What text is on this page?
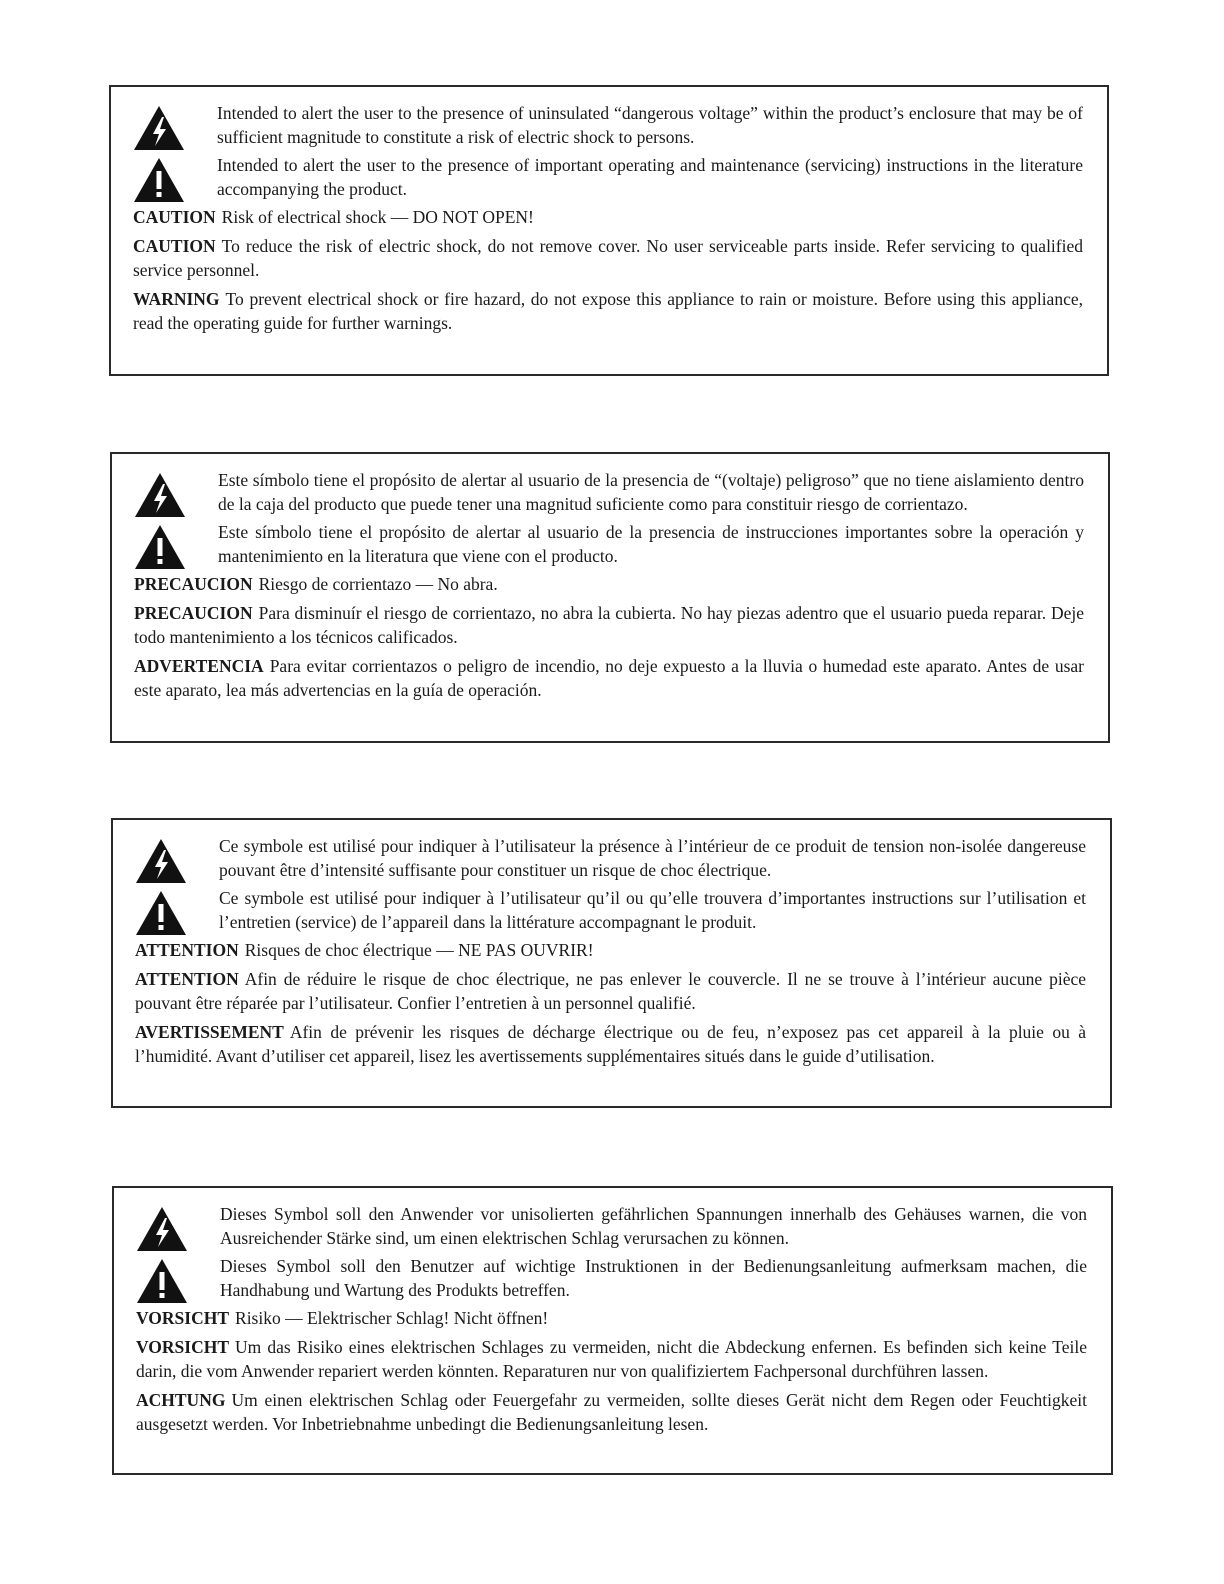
Intended to alert the user to the presence of uninsulated “dangerous voltage” within the product’s enclosure that may be of sufficient magnitude to constitute a risk of electric shock to persons.
Intended to alert the user to the presence of important operating and maintenance (servicing) instructions in the literature accompanying the product.
CAUTION Risk of electrical shock — DO NOT OPEN!
CAUTION To reduce the risk of electric shock, do not remove cover. No user serviceable parts inside. Refer servicing to qualified service personnel.
WARNING To prevent electrical shock or fire hazard, do not expose this appliance to rain or moisture. Before using this appliance, read the operating guide for further warnings.
Este símbolo tiene el propósito de alertar al usuario de la presencia de “(voltaje) peligroso” que no tiene aislamiento dentro de la caja del producto que puede tener una magnitud suficiente como para constituir riesgo de corrientazo.
Este símbolo tiene el propósito de alertar al usuario de la presencia de instrucciones importantes sobre la operación y mantenimiento en la literatura que viene con el producto.
PRECAUCION Riesgo de corrientazo — No abra.
PRECAUCION Para disminuír el riesgo de corrientazo, no abra la cubierta. No hay piezas adentro que el usuario pueda reparar. Deje todo mantenimiento a los técnicos calificados.
ADVERTENCIA Para evitar corrientazos o peligro de incendio, no deje expuesto a la lluvia o humedad este aparato. Antes de usar este aparato, lea más advertencias en la guía de operación.
Ce symbole est utilisé pour indiquer à l’utilisateur la présence à l’intérieur de ce produit de tension non-isolée dangereuse pouvant être d’intensité suffisante pour constituer un risque de choc électrique.
Ce symbole est utilisé pour indiquer à l’utilisateur qu’il ou qu’elle trouvera d’importantes instructions sur l’utilisation et l’entretien (service) de l’appareil dans la littérature accompagnant le produit.
ATTENTION Risques de choc électrique — NE PAS OUVRIR!
ATTENTION Afin de réduire le risque de choc électrique, ne pas enlever le couvercle. Il ne se trouve à l’intérieur aucune pièce pouvant être réparée par l’utilisateur. Confier l’entretien à un personnel qualifié.
AVERTISSEMENT Afin de prévenir les risques de décharge électrique ou de feu, n’exposez pas cet appareil à la pluie ou à l’humidité. Avant d’utiliser cet appareil, lisez les avertissements supplémentaires situés dans le guide d’utilisation.
Dieses Symbol soll den Anwender vor unisolierten gefährlichen Spannungen innerhalb des Gehäuses warnen, die von Ausreichender Stärke sind, um einen elektrischen Schlag verursachen zu können.
Dieses Symbol soll den Benutzer auf wichtige Instruktionen in der Bedienungsanleitung aufmerksam machen, die Handhabung und Wartung des Produkts betreffen.
VORSICHT Risiko — Elektrischer Schlag! Nicht öffnen!
VORSICHT Um das Risiko eines elektrischen Schlages zu vermeiden, nicht die Abdeckung enfernen. Es befinden sich keine Teile darin, die vom Anwender repariert werden könnten. Reparaturen nur von qualifiziertem Fachpersonal durchführen lassen.
ACHTUNG Um einen elektrischen Schlag oder Feuergefahr zu vermeiden, sollte dieses Gerät nicht dem Regen oder Feuchtigkeit ausgesetzt werden. Vor Inbetriebnahme unbedingt die Bedienungsanleitung lesen.
